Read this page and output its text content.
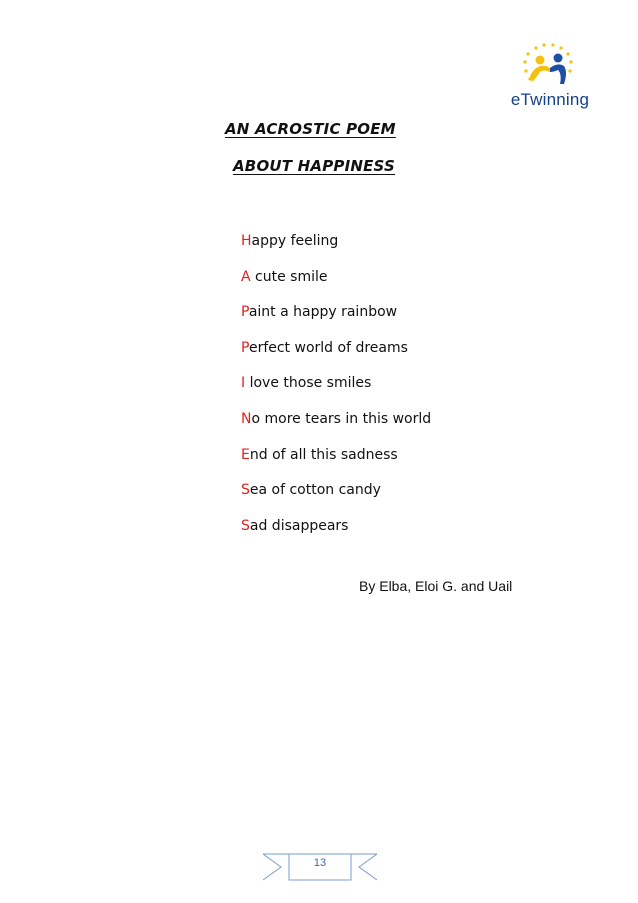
eTwinning
AN ACROSTIC POEM
ABOUT HAPPINESS
Happy feeling
A cute smile
Paint a happy rainbow
Perfect world of dreams
I love those smiles
No more tears in this world
End of all this sadness
Sea of cotton candy
Sad disappears
By Elba, Eloi G. and Uail
13
